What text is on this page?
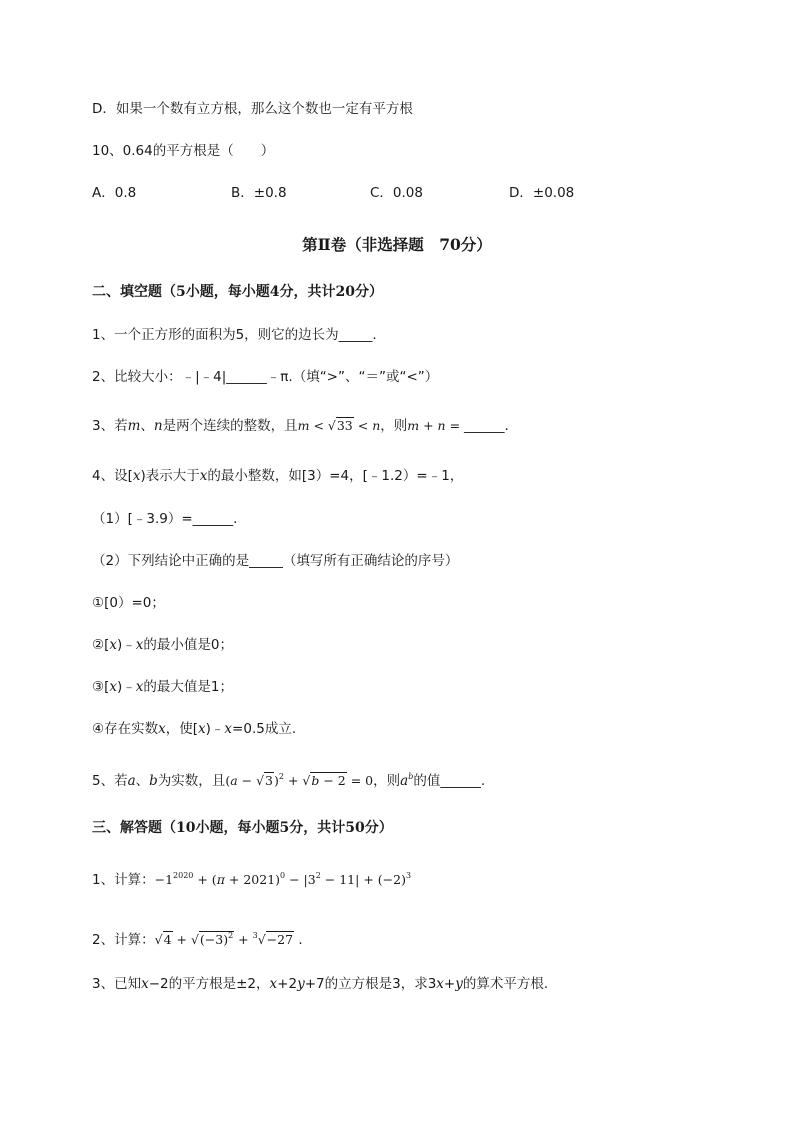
D．如果一个数有立方根，那么这个数也一定有平方根
10、0.64的平方根是（　　）
A．0.8	B．±0.8	C．0.08	D．±0.08
第Ⅱ卷（非选择题　70分）
二、填空题（5小题，每小题4分，共计20分）
1、一个正方形的面积为5，则它的边长为_____.
2、比较大小：﹣|﹣4|______﹣π.（填“>”、“＝”或“<”）
3、若m、n是两个连续的整数，且m < √33 < n，则m + n = ______.
4、设[x)表示大于x的最小整数，如[3）=4，[﹣1.2）=﹣1，
（1）[﹣3.9）=______.
（2）下列结论中正确的是_____（填写所有正确结论的序号）
①[0）=0；
②[x)﹣x的最小值是0；
③[x)﹣x的最大值是1；
④存在实数x，使[x)﹣x=0.5成立.
5、若a、b为实数，且$(a - √3)^2 + √b - 2 = 0$，则$a^b$的值______.
三、解答题（10小题，每小题5分，共计50分）
1、计算：$-1^{2020} + (\pi + 2021)^0 - |3^2 - 11| + (-2)^3$
2、计算：$√4 + √(-3)^2 + ^3√-27$ .
3、已知x−2的平方根是±2，x+2y+7的立方根是3，求3x+y的算术平方根.
